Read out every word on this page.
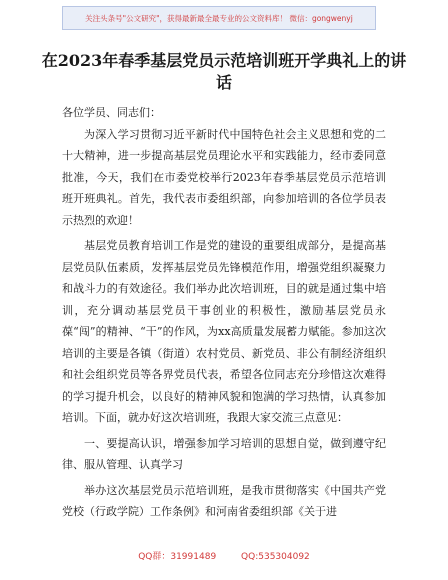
关注头条号"公文研究"，获得最新最全最专业的公文资料库！ 微信：gongwenyj
在2023年春季基层党员示范培训班开学典礼上的讲话

各位学员、同志们：

为深入学习贯彻习近平新时代中国特色社会主义思想和党的二十大精神，进一步提高基层党员理论水平和实践能力，经市委同意批准，今天，我们在市委党校举行2023年春季基层党员示范培训班开班典礼。首先，我代表市委组织部，向参加培训的各位学员表示热烈的欢迎！

基层党员教育培训工作是党的建设的重要组成部分，是提高基层党员队伍素质，发挥基层党员先锋模范作用，增强党组织凝聚力和战斗力的有效途径。我们举办此次培训班，目的就是通过集中培训，充分调动基层党员干事创业的积极性，激励基层党员永葆“闯”的精神、“干”的作风，为xx高质量发展蓄力赋能。参加这次培训的主要是各镇（街道）农村党员、新党员、非公有制经济组织和社会组织党员等各界党员代表，希望各位同志充分珍惜这次难得的学习提升机会，以良好的精神风貌和饱满的学习热情，认真参加培训。下面，就办好这次培训班，我跟大家交流三点意见：

一、要提高认识，增强参加学习培训的思想自觉，做到遵守纪律、服从管理、认真学习

举办这次基层党员示范培训班，是我市贯彻落实《中国共产党党校（行政学院）工作条例》和河南省委组织部《关于进

QQ群：31991489	QQ:535304092
